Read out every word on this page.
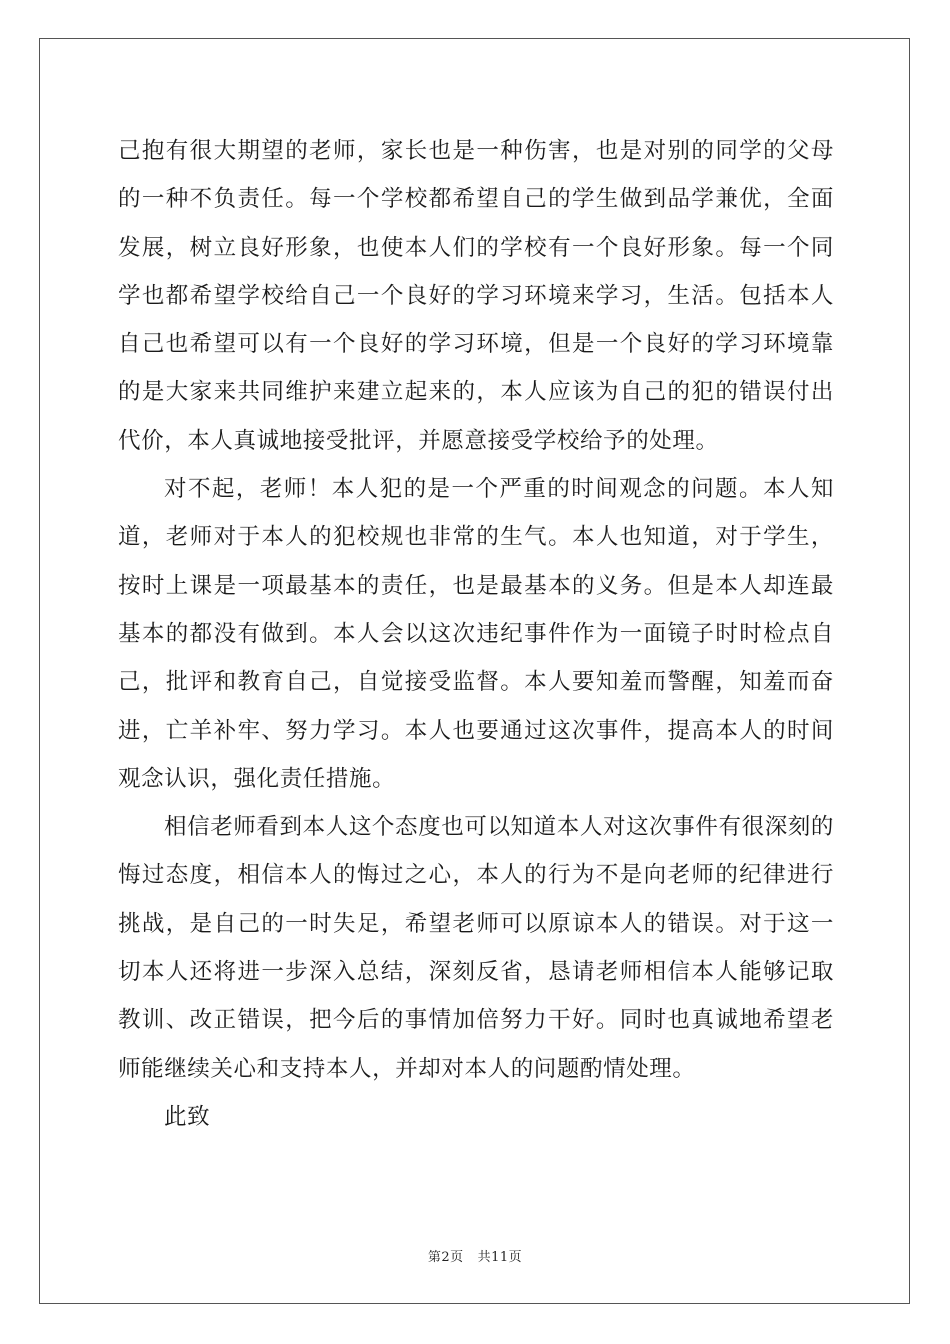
己抱有很大期望的老师，家长也是一种伤害，也是对别的同学的父母的一种不负责任。每一个学校都希望自己的学生做到品学兼优，全面发展，树立良好形象，也使本人们的学校有一个良好形象。每一个同学也都希望学校给自己一个良好的学习环境来学习，生活。包括本人自己也希望可以有一个良好的学习环境，但是一个良好的学习环境靠的是大家来共同维护来建立起来的，本人应该为自己的犯的错误付出代价，本人真诚地接受批评，并愿意接受学校给予的处理。

对不起，老师！本人犯的是一个严重的时间观念的问题。本人知道，老师对于本人的犯校规也非常的生气。本人也知道，对于学生，按时上课是一项最基本的责任，也是最基本的义务。但是本人却连最基本的都没有做到。本人会以这次违纪事件作为一面镜子时时检点自己，批评和教育自己，自觉接受监督。本人要知羞而警醒，知羞而奋进，亡羊补牢、努力学习。本人也要通过这次事件，提高本人的时间观念认识，强化责任措施。

相信老师看到本人这个态度也可以知道本人对这次事件有很深刻的悔过态度，相信本人的悔过之心，本人的行为不是向老师的纪律进行挑战，是自己的一时失足，希望老师可以原谅本人的错误。对于这一切本人还将进一步深入总结，深刻反省，恳请老师相信本人能够记取教训、改正错误，把今后的事情加倍努力干好。同时也真诚地希望老师能继续关心和支持本人，并却对本人的问题酌情处理。

此致

第2页 共11页
